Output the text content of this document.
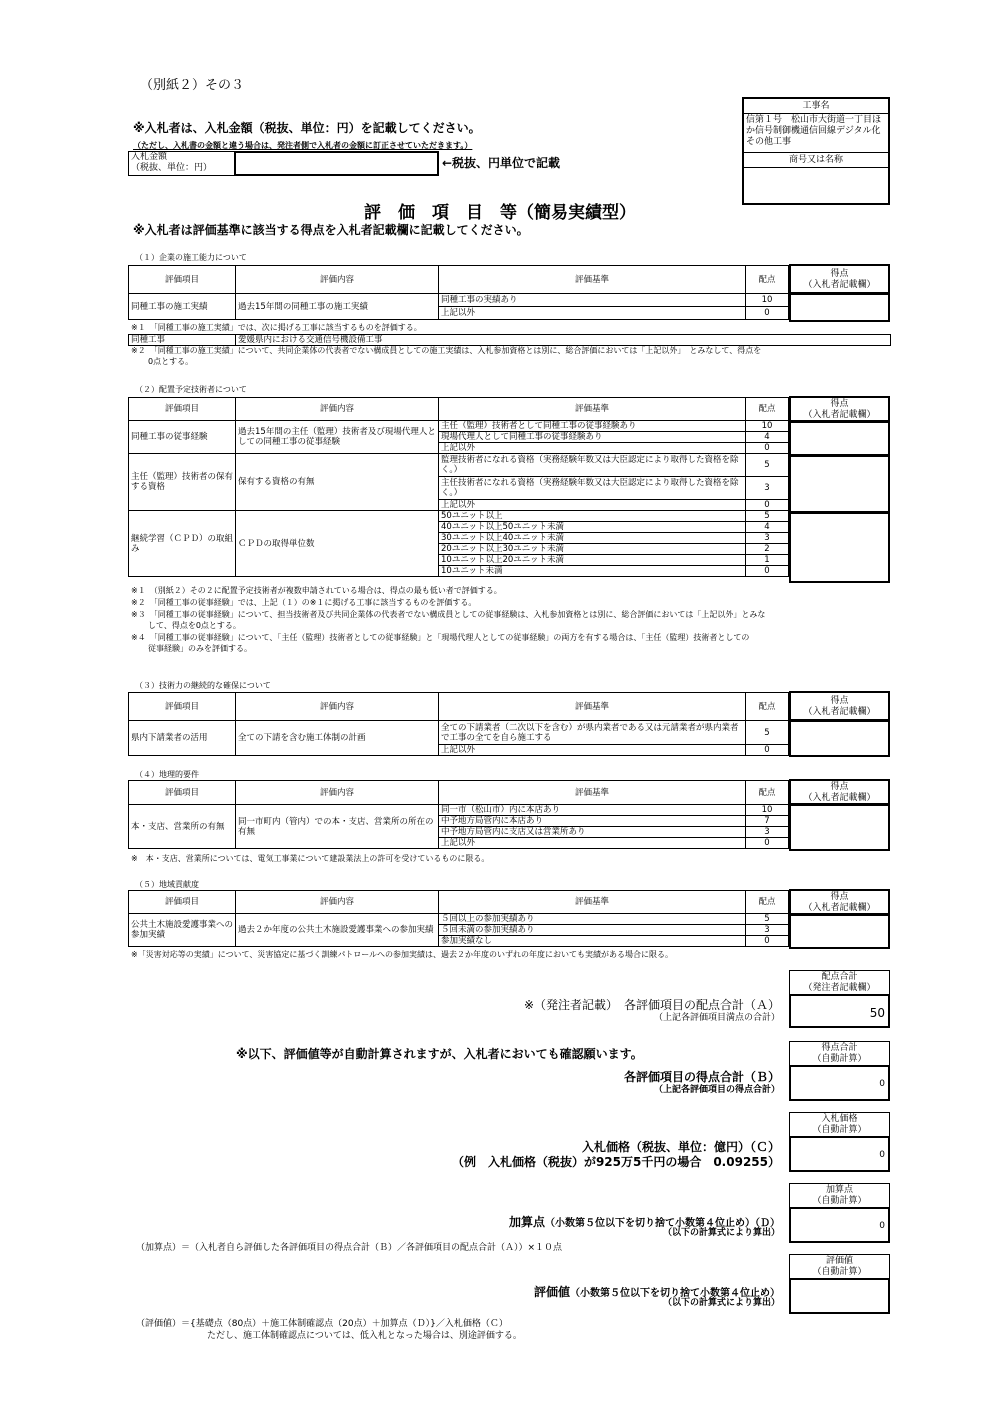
（別紙２）その３
※入札者は、入札金額（税抜、単位：円）を記載してください。
（ただし、入札書の金額と違う場合は、発注者側で入札者の金額に訂正させていただきます。）
入札金額
（税抜、単位：円）	←税抜、円単位で記載
工事名
信第１号　松山市大街道一丁目ほか信号制御機通信回線デジタル化その他工事
商号又は名称
評　価　項　目　等（簡易実績型）
※入札者は評価基準に該当する得点を入札者記載欄に記載してください。
（１）企業の施工能力について
評価項目	評価内容	評価基準	配点
同種工事の施工実績	過去15年間の同種工事の施工実績	同種工事の実績あり	10
		上記以外	0
得点
（入札者記載欄）
※１　「同種工事の施工実績」では、次に掲げる工事に該当するものを評価する。
同種工事	愛媛県内における交通信号機設備工事
※２　「同種工事の施工実績」について、共同企業体の代表者でない構成員としての施工実績は、入札参加資格とは別に、総合評価においては「上記以外」　とみなして、得点を
0点とする。
（２）配置予定技術者について
評価項目	評価内容	評価基準	配点
同種工事の従事経験	過去15年間の主任（監理）技術者及び現場代理人としての同種工事の従事経験	主任（監理）技術者として同種工事の従事経験あり	10
		現場代理人として同種工事の従事経験あり	4
		上記以外	0
主任（監理）技術者の保有する資格	保有する資格の有無	監理技術者になれる資格（実務経験年数又は大臣認定により取得した資格を除く。）	5
		主任技術者になれる資格（実務経験年数又は大臣認定により取得した資格を除く。）	3
		上記以外	0
継続学習（ＣＰＤ）の取組み	ＣＰＤの取得単位数	50ユニット以上	5
		40ユニット以上50ユニット未満	4
		30ユニット以上40ユニット未満	3
		20ユニット以上30ユニット未満	2
		10ユニット以上20ユニット未満	1
		10ユニット未満	0
得点
（入札者記載欄）
※１　（別紙２）その２に配置予定技術者が複数申請されている場合は、得点の最も低い者で評価する。
※２　「同種工事の従事経験」では、上記（１）の※１に掲げる工事に該当するものを評価する。
※３　「同種工事の従事経験」について、担当技術者及び共同企業体の代表者でない構成員としての従事経験は、入札参加資格とは別に、総合評価においては「上記以外」とみな
して、得点を0点とする。
※４　「同種工事の従事経験」について、「主任（監理）技術者としての従事経験」と「現場代理人としての従事経験」の両方を有する場合は、「主任（監理）技術者としての
従事経験」のみを評価する。
（３）技術力の継続的な確保について
評価項目	評価内容	評価基準	配点
県内下請業者の活用	全ての下請を含む施工体制の計画	全ての下請業者（二次以下を含む）が県内業者である又は元請業者が県内業者で工事の全てを自ら施工する	5
		上記以外	0
得点
（入札者記載欄）
（４）地理的要件
評価項目	評価内容	評価基準	配点
本・支店、営業所の有無	同一市町内（管内）での本・支店、営業所の所在の有無	同一市（松山市）内に本店あり	10
		中予地方局管内に本店あり	7
		中予地方局管内に支店又は営業所あり	3
		上記以外	0
得点
（入札者記載欄）
※　本・支店、営業所については、電気工事業について建設業法上の許可を受けているものに限る。
（５）地域貢献度
評価項目	評価内容	評価基準	配点
公共土木施設愛護事業への参加実績	過去２か年度の公共土木施設愛護事業への参加実績	５回以上の参加実績あり	5
		５回未満の参加実績あり	3
		参加実績なし	0
得点
（入札者記載欄）
※「災害対応等の実績」について、災害協定に基づく訓練パトロールへの参加実績は、過去２か年度のいずれの年度においても実績がある場合に限る。
配点合計
（発注者記載欄）
50
※（発注者記載）　各評価項目の配点合計（Ａ）
（上記各評価項目満点の合計）
※以下、評価値等が自動計算されますが、入札者においても確認願います。	得点合計
（自動計算）
0
各評価項目の得点合計（Ｂ）
（上記各評価項目の得点合計）
入札価格
（自動計算）
0
入札価格（税抜、単位：億円）（Ｃ）
（例　入札価格（税抜）が925万5千円の場合　0.09255）
加算点
（自動計算）
0
加算点（小数第５位以下を切り捨て小数第４位止め）（Ｄ）
（以下の計算式により算出）
（加算点）＝（入札者自ら評価した各評価項目の得点合計（Ｂ）／各評価項目の配点合計（Ａ））×１０点
評価値
（自動計算）
評価値（小数第５位以下を切り捨て小数第４位止め）
（以下の計算式により算出）
（評価値）＝{基礎点（80点）＋施工体制確認点（20点）＋加算点（Ｄ）}／入札価格（Ｃ）
ただし、施工体制確認点については、低入札となった場合は、別途評価する。
